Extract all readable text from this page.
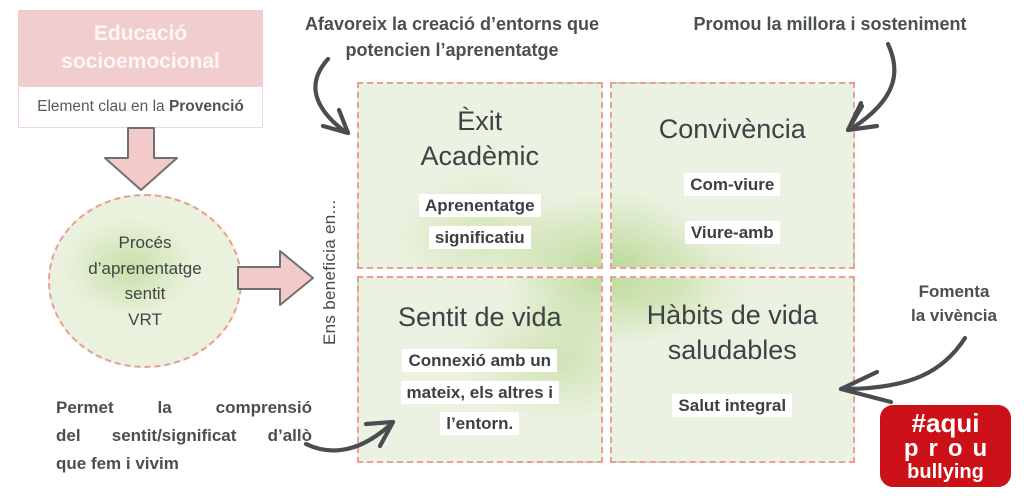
Educació socioemocional
Element clau en la Provenció
Procés
d’aprenentatge
sentit
VRT	Ens beneficia en...
Èxit Acadèmic
Aprenentatge significatiu
Convivència
Com-viure
Viure-amb
Sentit de vida
Connexió amb un mateix, els altres i l’entorn.
Hàbits de vida saludables
Salut integral
Afavoreix la creació d’entorns que potencien l’aprenentatge
Promou la millora i sosteniment
Fomenta
la vivència
Permet la comprensió
del sentit/significat d’allò
que fem i vivim
#aqui
prou
bullying
